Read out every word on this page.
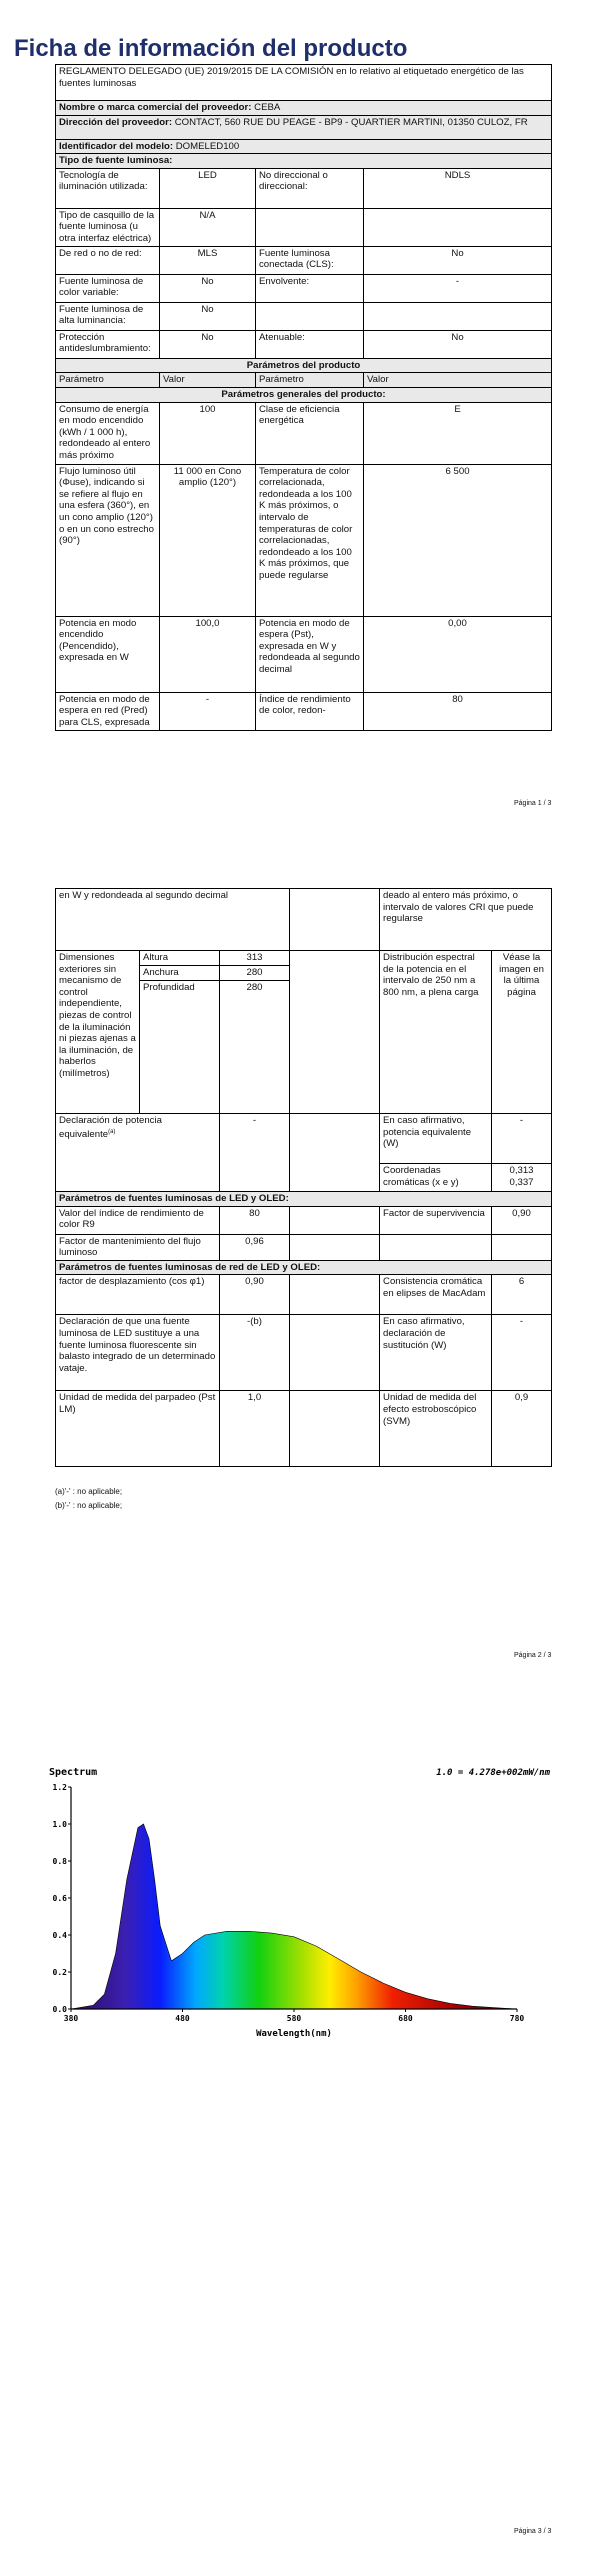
Ficha de información del producto
REGLAMENTO DELEGADO (UE) 2019/2015 DE LA COMISIÓN en lo relativo al etiquetado energético de las fuentes luminosas			
Nombre o marca comercial del proveedor: CEBA			
Dirección del proveedor: CONTACT, 560 RUE DU PEAGE - BP9 - QUARTIER MARTINI, 01350 CULOZ, FR			
Identificador del modelo: DOMELED100			
Tipo de fuente luminosa:			
Tecnología de iluminación utilizada:	LED	No direccional o direccional:	NDLS
Tipo de casquillo de la fuente luminosa (u otra interfaz eléctrica)	N/A		
De red o no de red:	MLS	Fuente luminosa conectada (CLS):	No
Fuente luminosa de color variable:	No	Envolvente:	-
Fuente luminosa de alta luminancia:	No		
Protección antideslumbramiento:	No	Atenuable:	No
Parámetros del producto			
Parámetro	Valor	Parámetro	Valor
Parámetros generales del producto:			
Consumo de energía en modo encendido (kWh / 1 000 h), redondeado al entero más próximo	100	Clase de eficiencia energética	E
Flujo luminoso útil (Φuse), indicando si se refiere al flujo en una esfera (360°), en un cono amplio (120°) o en un cono estrecho (90°)	11 000 en Cono amplio (120°)	Temperatura de color correlacionada, redondeada a los 100 K más próximos, o intervalo de temperaturas de color correlacionadas, redondeado a los 100 K más próximos, que puede regularse	6 500
Potencia en modo encendido (Pencendido), expresada en W	100,0	Potencia en modo de espera (Pst), expresada en W y redondeada al segundo decimal	0,00
Potencia en modo de espera en red (Pred) para CLS, expresada	-	Índice de rendimiento de color, redon-	80
Página 1 / 3
en W y redondeada al segundo decimal				deado al entero más próximo, o intervalo de valores CRI que puede regularse	
Dimensiones exteriores sin mecanismo de control independiente, piezas de control de la iluminación ni piezas ajenas a la iluminación, de haberlos (milímetros)	Altura	313		Distribución espectral de la potencia en el intervalo de 250 nm a 800 nm, a plena carga	Véase la imagen en la última página
	Anchura	280			
	Profundidad	280			
Declaración de potencia equivalente$^{(a)}$		-		En caso afirmativo, potencia equivalente (W)	-
				Coordenadas cromáticas (x e y)	0,313
0,337
Parámetros de fuentes luminosas de LED y OLED:					
Valor del índice de rendimiento de color R9		80		Factor de supervivencia	0,90
Factor de mantenimiento del flujo luminoso		0,96			
Parámetros de fuentes luminosas de red de LED y OLED:					
factor de desplazamiento (cos φ1)		0,90		Consistencia cromática en elipses de MacAdam	6
Declaración de que una fuente luminosa de LED sustituye a una fuente luminosa fluorescente sin balasto integrado de un determinado vataje.		-(b)		En caso afirmativo, declaración de sustitución (W)	-
Unidad de medida del parpadeo (Pst LM)		1,0		Unidad de medida del efecto estroboscópico (SVM)	0,9
(a)'-' : no aplicable;
(b)'-' : no aplicable;
Página 2 / 3
Spectrum	1.0 = 4.278e+002mW/nm
0.0
0.2
0.4
0.6
0.8
1.0
1.2
380	480	580	680	780
Wavelength(nm)
Página 3 / 3
